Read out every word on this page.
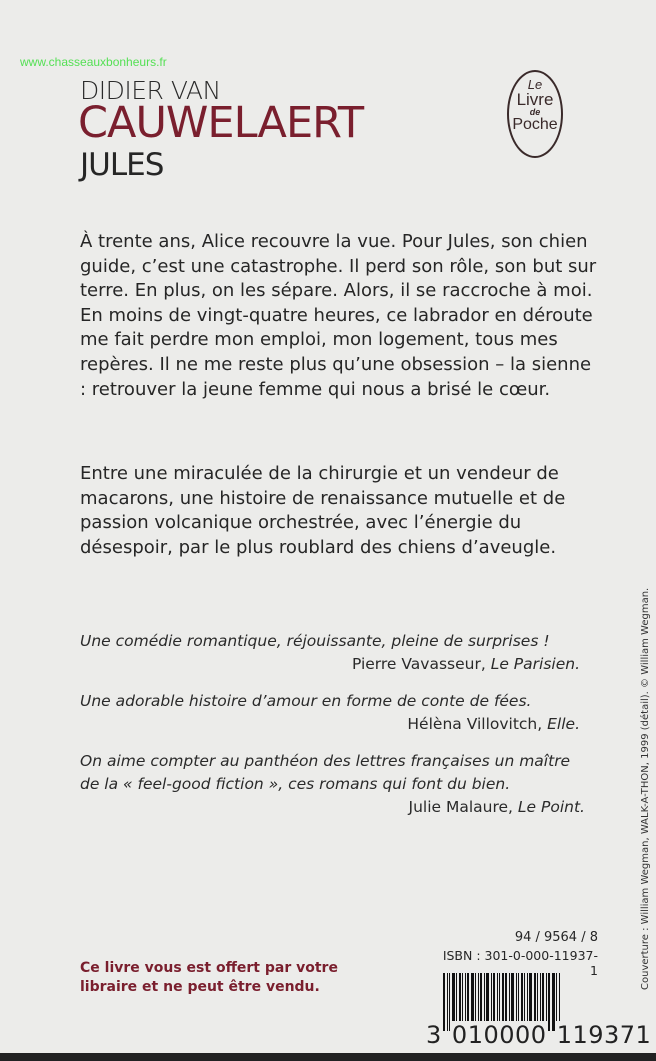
www.chasseauxbonheurs.fr
DIDIER VAN
CAUWELAERT
JULES
Le
Livre
de
Poche

À trente ans, Alice recouvre la vue. Pour Jules, son chien guide, c’est une catastrophe. Il perd son rôle, son but sur terre. En plus, on les sépare. Alors, il se raccroche à moi. En moins de vingt-quatre heures, ce labrador en déroute me fait perdre mon emploi, mon logement, tous mes repères. Il ne me reste plus qu’une obsession – la sienne : retrouver la jeune femme qui nous a brisé le cœur.

Entre une miraculée de la chirurgie et un vendeur de macarons, une histoire de renaissance mutuelle et de passion volcanique orchestrée, avec l’énergie du désespoir, par le plus roublard des chiens d’aveugle.

Une comédie romantique, réjouissante, pleine de surprises !
Pierre Vavasseur, Le Parisien.
Une adorable histoire d’amour en forme de conte de fées.
Hélèna Villovitch, Elle.
On aime compter au panthéon des lettres françaises un maître de la « feel-good fiction », ces romans qui font du bien.
Julie Malaure, Le Point.
Ce livre vous est offert par votre libraire et ne peut être vendu.
94 / 9564 / 8
ISBN : 301-0-000-11937-1
3 010000 119371
Couverture : William Wegman, WALK-A-THON, 1999 (détail). © William Wegman.
